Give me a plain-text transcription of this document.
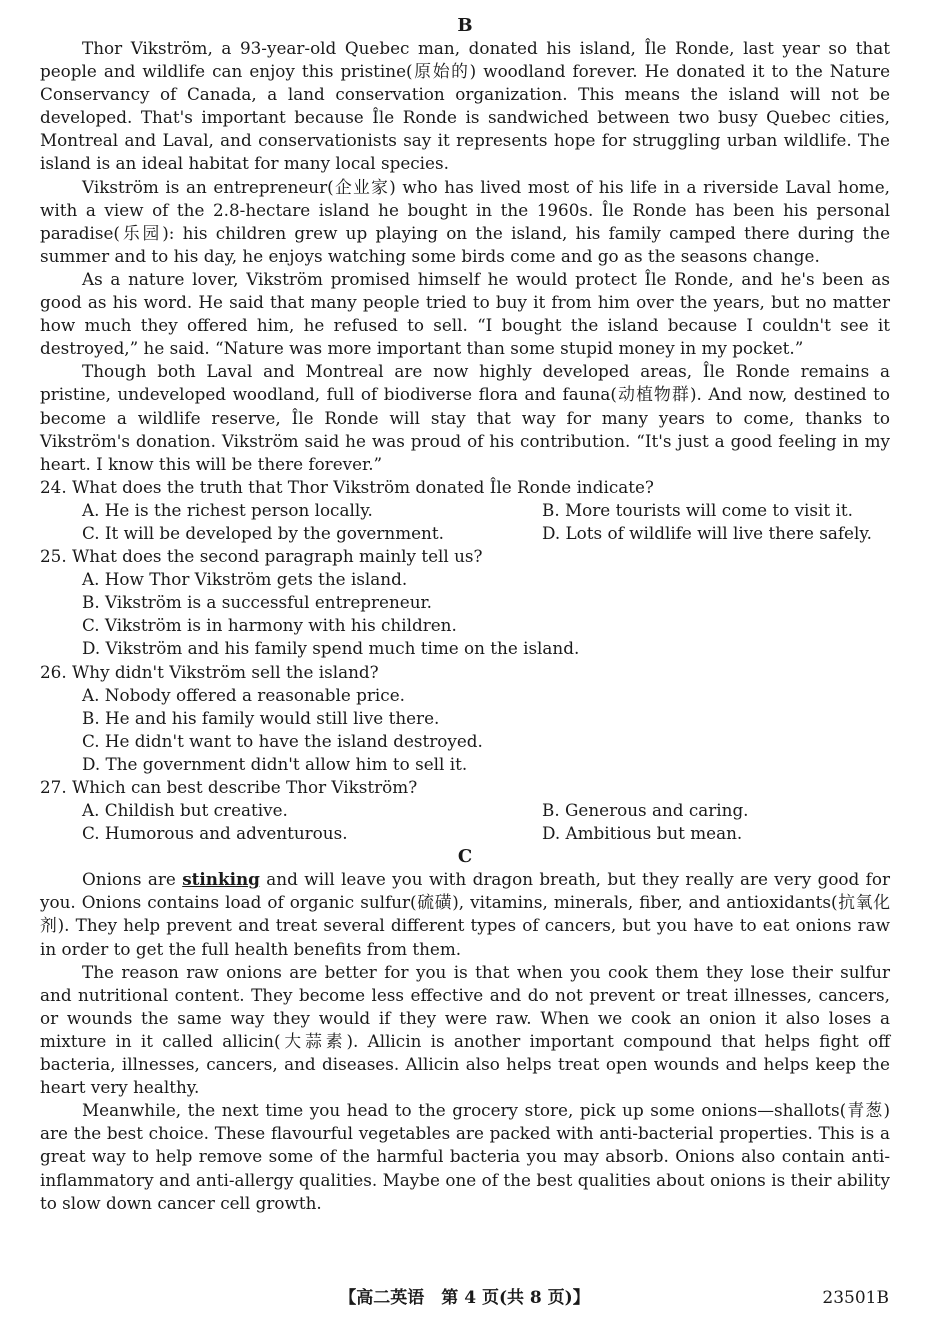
B

Thor Vikström, a 93-year-old Quebec man, donated his island, Île Ronde, last year so that people and wildlife can enjoy this pristine(原始的) woodland forever. He donated it to the Nature Conservancy of Canada, a land conservation organization. This means the island will not be developed. That's important because Île Ronde is sandwiched between two busy Quebec cities, Montreal and Laval, and conservationists say it represents hope for struggling urban wildlife. The island is an ideal habitat for many local species.

Vikström is an entrepreneur(企业家) who has lived most of his life in a riverside Laval home, with a view of the 2.8-hectare island he bought in the 1960s. Île Ronde has been his personal paradise(乐园): his children grew up playing on the island, his family camped there during the summer and to his day, he enjoys watching some birds come and go as the seasons change.

As a nature lover, Vikström promised himself he would protect Île Ronde, and he's been as good as his word. He said that many people tried to buy it from him over the years, but no matter how much they offered him, he refused to sell. “I bought the island because I couldn't see it destroyed,” he said. “Nature was more important than some stupid money in my pocket.”

Though both Laval and Montreal are now highly developed areas, Île Ronde remains a pristine, undeveloped woodland, full of biodiverse flora and fauna(动植物群). And now, destined to become a wildlife reserve, Île Ronde will stay that way for many years to come, thanks to Vikström's donation. Vikström said he was proud of his contribution. “It's just a good feeling in my heart. I know this will be there forever.”

24. What does the truth that Thor Vikström donated Île Ronde indicate?
A. He is the richest person locally.	B. More tourists will come to visit it.
C. It will be developed by the government.	D. Lots of wildlife will live there safely.
25. What does the second paragraph mainly tell us?
A. How Thor Vikström gets the island.
B. Vikström is a successful entrepreneur.
C. Vikström is in harmony with his children.
D. Vikström and his family spend much time on the island.
26. Why didn't Vikström sell the island?
A. Nobody offered a reasonable price.
B. He and his family would still live there.
C. He didn't want to have the island destroyed.
D. The government didn't allow him to sell it.
27. Which can best describe Thor Vikström?
A. Childish but creative.	B. Generous and caring.
C. Humorous and adventurous.	D. Ambitious but mean.
C

Onions are stinking and will leave you with dragon breath, but they really are very good for you. Onions contains load of organic sulfur(硫磺), vitamins, minerals, fiber, and antioxidants(抗氧化剂). They help prevent and treat several different types of cancers, but you have to eat onions raw in order to get the full health benefits from them.

The reason raw onions are better for you is that when you cook them they lose their sulfur and nutritional content. They become less effective and do not prevent or treat illnesses, cancers, or wounds the same way they would if they were raw. When we cook an onion it also loses a mixture in it called allicin(大蒜素). Allicin is another important compound that helps fight off bacteria, illnesses, cancers, and diseases. Allicin also helps treat open wounds and helps keep the heart very healthy.

Meanwhile, the next time you head to the grocery store, pick up some onions—shallots(青葱) are the best choice. These flavourful vegetables are packed with anti-bacterial properties. This is a great way to help remove some of the harmful bacteria you may absorb. Onions also contain anti-inflammatory and anti-allergy qualities. Maybe one of the best qualities about onions is their ability to slow down cancer cell growth.

【高二英语　第 4 页(共 8 页)】	23501B
